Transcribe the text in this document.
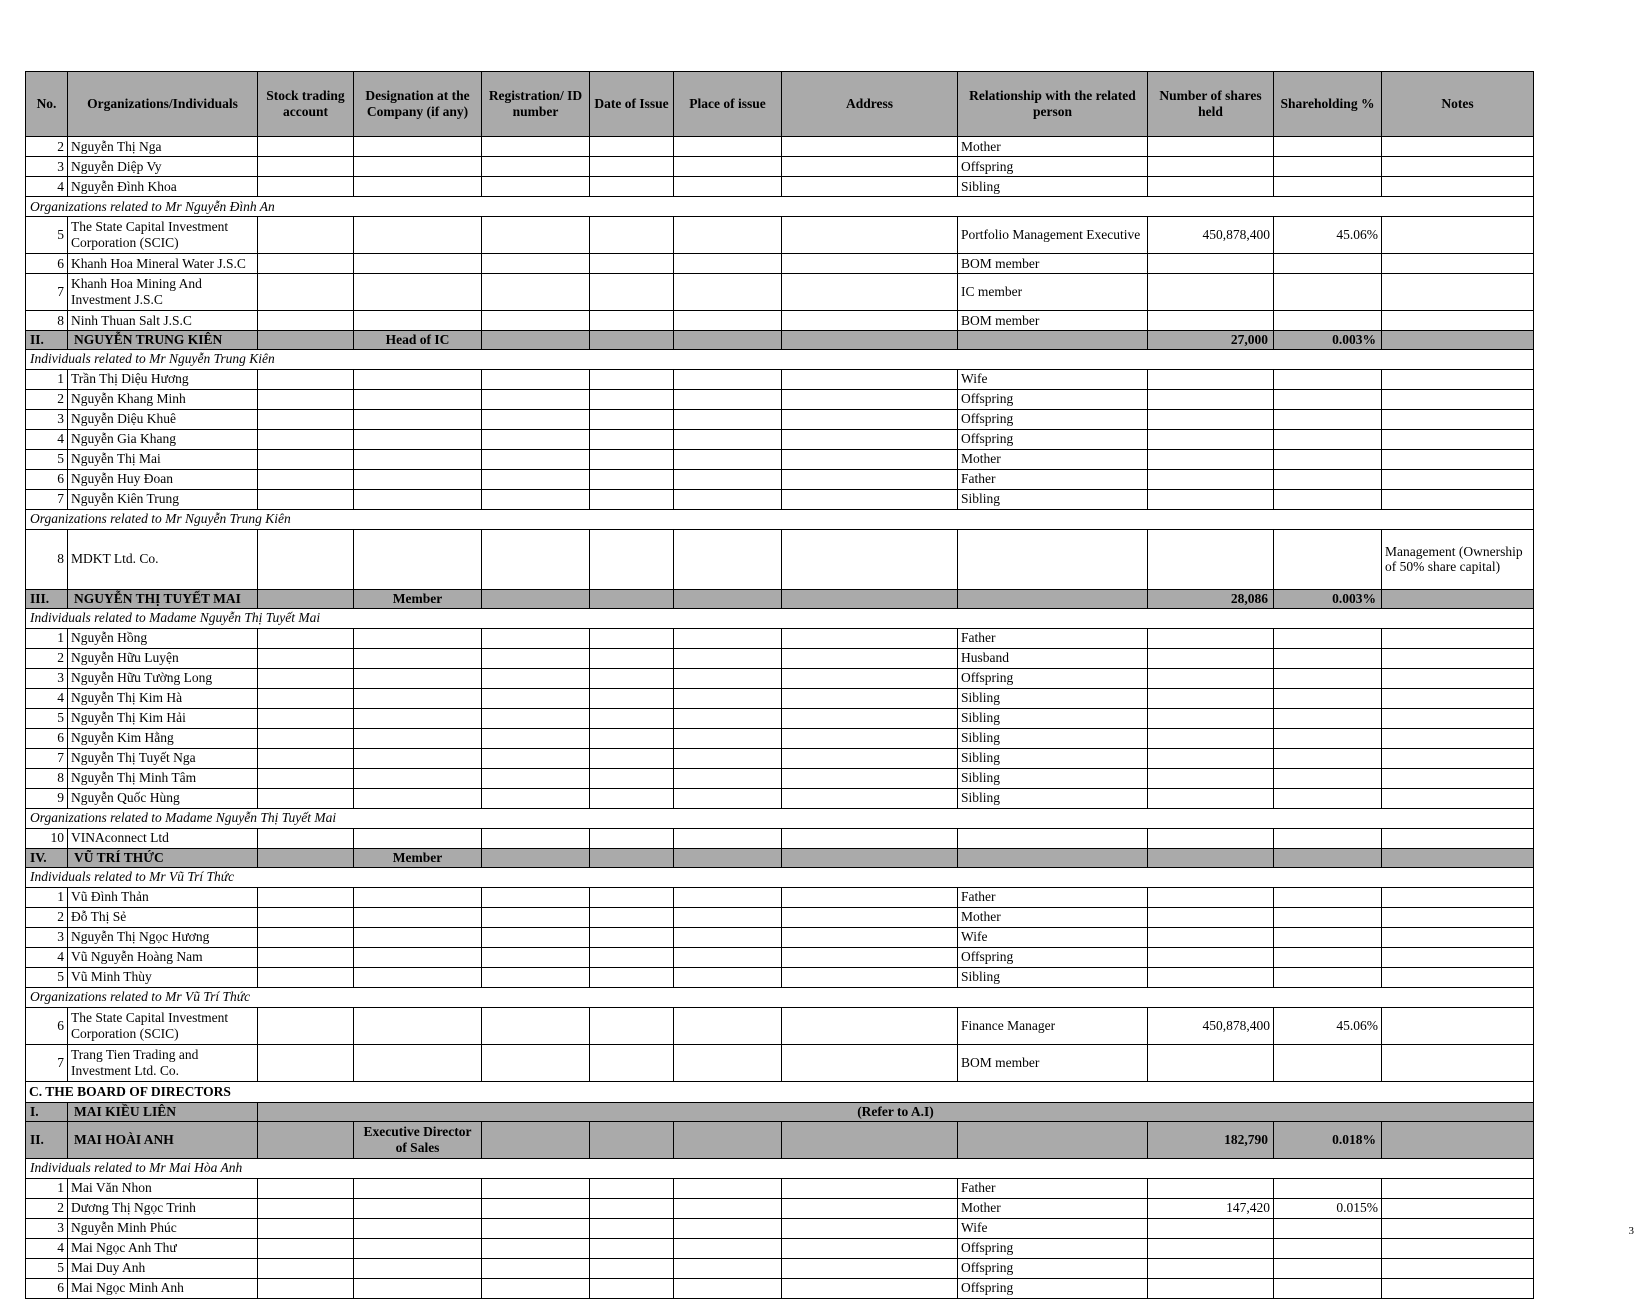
No.	Organizations/Individuals	Stock trading account	Designation at the Company (if any)	Registration/ ID number	Date of Issue	Place of issue	Address	Relationship with the related person	Number of shares held	Shareholding %	Notes
2	Nguyễn Thị Nga							Mother			
3	Nguyễn Diệp Vy							Offspring			
4	Nguyễn Đình Khoa							Sibling			
Organizations related to Mr Nguyễn Đình An											
5	The State Capital Investment Corporation (SCIC)							Portfolio Management Executive	450,878,400	45.06%	
6	Khanh Hoa Mineral Water J.S.C							BOM member			
7	Khanh Hoa Mining And Investment J.S.C							IC member			
8	Ninh Thuan Salt J.S.C							BOM member			
II.	NGUYỄN TRUNG KIÊN		Head of IC						27,000	0.003%	
Individuals related to Mr Nguyễn Trung Kiên											
1	Trần Thị Diệu Hương							Wife			
2	Nguyễn Khang Minh							Offspring			
3	Nguyễn Diệu Khuê							Offspring			
4	Nguyễn Gia Khang							Offspring			
5	Nguyễn Thị Mai							Mother			
6	Nguyễn Huy Đoan							Father			
7	Nguyễn Kiên Trung							Sibling			
Organizations related to Mr Nguyễn Trung Kiên											
8	MDKT Ltd. Co.										Management (Ownership of 50% share capital)
III.	NGUYỄN THỊ TUYẾT MAI		Member						28,086	0.003%	
Individuals related to Madame Nguyễn Thị Tuyết Mai											
1	Nguyễn Hồng							Father			
2	Nguyễn Hữu Luyện							Husband			
3	Nguyễn Hữu Tường Long							Offspring			
4	Nguyễn Thị Kim Hà							Sibling			
5	Nguyễn Thị Kim Hải							Sibling			
6	Nguyễn Kim Hằng							Sibling			
7	Nguyễn Thị Tuyết Nga							Sibling			
8	Nguyễn Thị Minh Tâm							Sibling			
9	Nguyễn Quốc Hùng							Sibling			
Organizations related to Madame Nguyễn Thị Tuyết Mai											
10	VINAconnect Ltd										
IV.	VŨ TRÍ THỨC		Member								
Individuals related to Mr Vũ Trí Thức											
1	Vũ Đình Thản							Father			
2	Đỗ Thị Sẻ							Mother			
3	Nguyễn Thị Ngọc Hương							Wife			
4	Vũ Nguyễn Hoàng Nam							Offspring			
5	Vũ Minh Thùy							Sibling			
Organizations related to Mr Vũ Trí Thức											
6	The State Capital Investment Corporation (SCIC)							Finance Manager	450,878,400	45.06%	
7	Trang Tien Trading and Investment Ltd. Co.							BOM member			
C. THE BOARD OF DIRECTORS											
I.	MAI KIỀU LIÊN	(Refer to A.I)									
II.	MAI HOÀI ANH		Executive Director of Sales						182,790	0.018%	
Individuals related to Mr Mai Hòa Anh											
1	Mai Văn Nhon							Father			
2	Dương Thị Ngọc Trinh							Mother	147,420	0.015%	
3	Nguyễn Minh Phúc							Wife			
4	Mai Ngọc Anh Thư							Offspring			
5	Mai Duy Anh							Offspring			
6	Mai Ngọc Minh Anh							Offspring			
3
